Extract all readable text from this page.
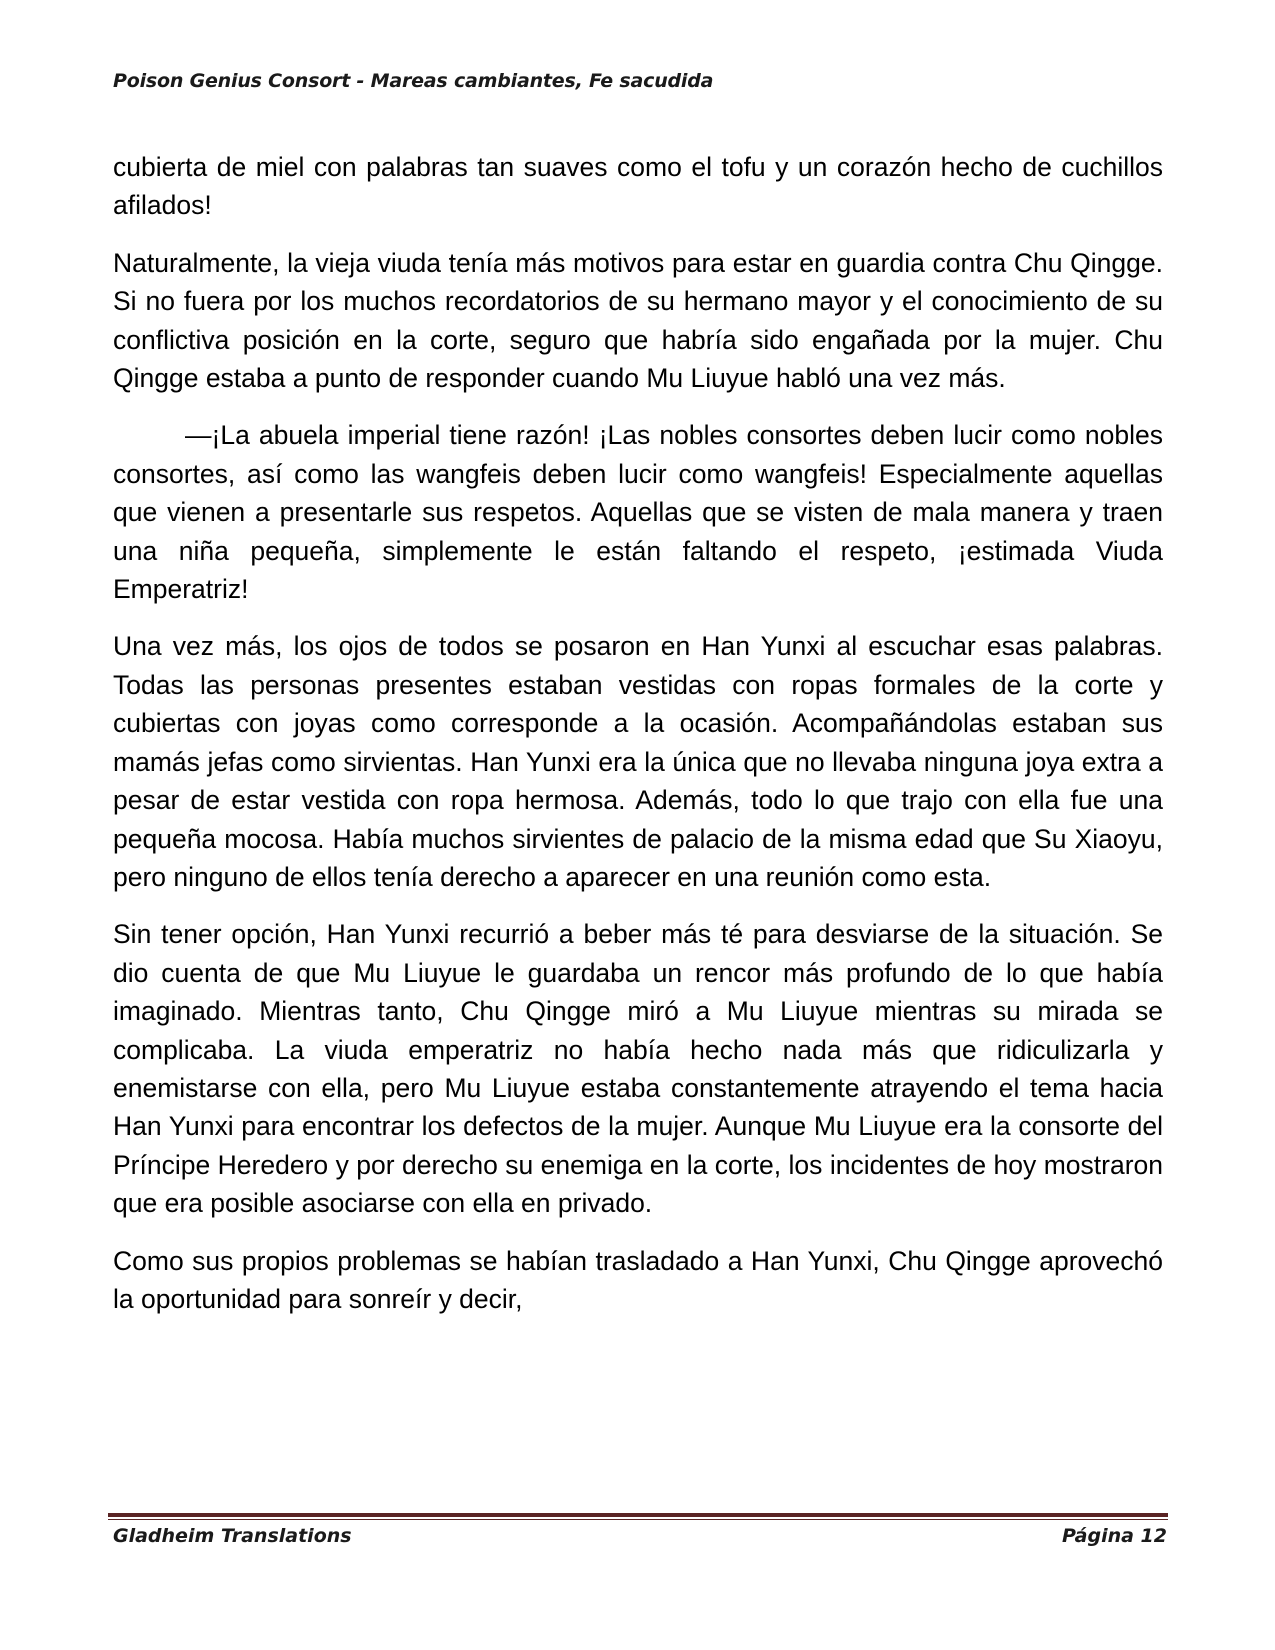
Poison Genius Consort - Mareas cambiantes, Fe sacudida

cubierta de miel con palabras tan suaves como el tofu y un corazón hecho de cuchillos afilados!

Naturalmente, la vieja viuda tenía más motivos para estar en guardia contra Chu Qingge. Si no fuera por los muchos recordatorios de su hermano mayor y el conocimiento de su conflictiva posición en la corte, seguro que habría sido engañada por la mujer. Chu Qingge estaba a punto de responder cuando Mu Liuyue habló una vez más.

—¡La abuela imperial tiene razón! ¡Las nobles consortes deben lucir como nobles consortes, así como las wangfeis deben lucir como wangfeis! Especialmente aquellas que vienen a presentarle sus respetos. Aquellas que se visten de mala manera y traen una niña pequeña, simplemente le están faltando el respeto, ¡estimada Viuda Emperatriz!

Una vez más, los ojos de todos se posaron en Han Yunxi al escuchar esas palabras. Todas las personas presentes estaban vestidas con ropas formales de la corte y cubiertas con joyas como corresponde a la ocasión. Acompañándolas estaban sus mamás jefas como sirvientas. Han Yunxi era la única que no llevaba ninguna joya extra a pesar de estar vestida con ropa hermosa. Además, todo lo que trajo con ella fue una pequeña mocosa. Había muchos sirvientes de palacio de la misma edad que Su Xiaoyu, pero ninguno de ellos tenía derecho a aparecer en una reunión como esta.

Sin tener opción, Han Yunxi recurrió a beber más té para desviarse de la situación. Se dio cuenta de que Mu Liuyue le guardaba un rencor más profundo de lo que había imaginado. Mientras tanto, Chu Qingge miró a Mu Liuyue mientras su mirada se complicaba. La viuda emperatriz no había hecho nada más que ridiculizarla y enemistarse con ella, pero Mu Liuyue estaba constantemente atrayendo el tema hacia Han Yunxi para encontrar los defectos de la mujer. Aunque Mu Liuyue era la consorte del Príncipe Heredero y por derecho su enemiga en la corte, los incidentes de hoy mostraron que era posible asociarse con ella en privado.

Como sus propios problemas se habían trasladado a Han Yunxi, Chu Qingge aprovechó la oportunidad para sonreír y decir,

Gladheim Translations	Página 12
